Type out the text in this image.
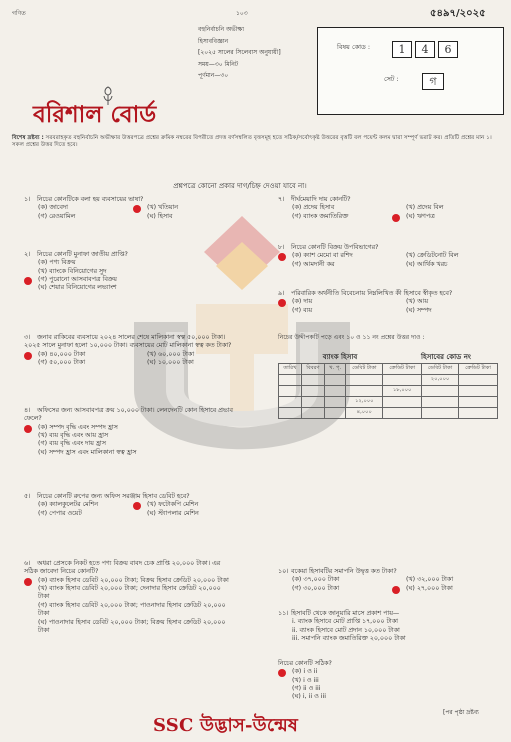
গণিত	১০৩	৫৪৯৭/২০২৫
বহুনির্বাচনি অভীক্ষা
হিসাববিজ্ঞান
[২০২৫ সালের সিলেবাস অনুযায়ী]
সময়—৩০ মিনিট
পূর্ণমান—৩০
বরিশাল বোর্ড
বিষয় কোড :	1 4 6
সেট :	গ
বিশেষ দ্রষ্টব্য : সরবরাহকৃত বহুনির্বাচনি অভীক্ষার উত্তরপত্রে প্রশ্নের ক্রমিক নম্বরের বিপরীতে প্রদত্ত বর্ণসম্বলিত বৃত্তসমূহ হতে সঠিক/সর্বোৎকৃষ্ট উত্তরের বৃত্তটি বল পয়েন্ট কলম দ্বারা সম্পূর্ণ ভরাট কর। প্রতিটি প্রশ্নের মান ১। সকল প্রশ্নের উত্তর দিতে হবে।
প্রশ্নপত্রে কোনো প্রকার দাগ/চিহ্ন দেওয়া যাবে না।
১। নিচের কোনটিকে বলা হয় ব্যবসায়ের ভাষা?
(ক) জাবেদা	(খ) খতিয়ান
(গ) রেওয়ামিল	(ঘ) হিসাব
২। নিচের কোনটি মুনাফা জাতীয় প্রাপ্তি?
(ক) পণ্য বিক্রয়
(খ) ব্যাংকে বিনিয়োগের সুদ
(গ) পুরোনো আসবাবপত্র বিক্রয়
(ঘ) শেয়ার বিনিয়োগের লভ্যাংশ
৩। জনাব রাকিবের ব্যবসায়ে ২০২৪ সালের শেষে মালিকানা স্বত্ব ৫০,০০০ টাকা। ২০২৫ সালে মুনাফা হলো ১০,০০০ টাকা। ব্যবসায়ের মোট মালিকানা স্বত্ব কত টাকা?
(ক) ৪০,০০০ টাকা	(খ) ৬০,০০০ টাকা
(গ) ৫০,০০০ টাকা	(ঘ) ১০,০০০ টাকা
৪। অফিসের জন্য আসবাবপত্র ক্রয় ১০,০০০ টাকা। লেনদেনটি কোন হিসাবে প্রভাব ফেলে?
(ক) সম্পদ বৃদ্ধি এবং সম্পদ হ্রাস
(খ) ব্যয় বৃদ্ধি এবং আয় হ্রাস
(গ) ব্যয় বৃদ্ধি এবং দায় হ্রাস
(ঘ) সম্পদ হ্রাস এবং মালিকানা স্বত্ব হ্রাস
৫। নিচের কোনটি রুপের জন্য অফিস সরঞ্জাম হিসাব ডেবিট হবে?
(ক) ক্যালকুলেটর মেশিন	(খ) ফটোকপি মেশিন
(গ) পেপার ওয়েট	(ঘ) স্ট্যাপলার মেশিন
৬। অধরা প্রেসকে নিকট হতে পণ্য বিক্রয় বাবদ চেক প্রাপ্তি ২০,০০০ টাকা। এর সঠিক জাবেদা নিচের কোনটি?
(ক) ব্যাংক হিসাব ডেবিট ২০,০০০ টাকা; বিক্রয় হিসাব ক্রেডিট ২০,০০০ টাকা
(খ) ব্যাংক হিসাব ডেবিট ২০,০০০ টাকা; দেনাদার হিসাব ক্রেডিট ২০,০০০ টাকা
(গ) ব্যাংক হিসাব ডেবিট ২০,০০০ টাকা; পাওনাদার হিসাব ক্রেডিট ২০,০০০ টাকা
(ঘ) পাওনাদার হিসাব ডেবিট ২০,০০০ টাকা; বিক্রয় হিসাব ক্রেডিট ২০,০০০ টাকা
৭। দীর্ঘমেয়াদি দায় কোনটি?
(ক) প্রদেয় হিসাব	(খ) প্রদেয় বিল
(গ) ব্যাংক জমাতিরিক্ত	(ঘ) ঋণপত্র
৮। নিচের কোনটি বিক্রয় উপবিভাগের?
(ক) ক্যাশ মেমো বা রশিদ	(খ) ক্রেডিটনোট বিল
(গ) আমদানী কর	(ঘ) আর্থিক খরচ
৯। পরিবারিক অর্থনীতি বিবেচনায় নিম্নলিখিত কী হিসাবে স্বীকৃত হবে?
(ক) দায়	(খ) আয়
(গ) ব্যয়	(ঘ) সম্পদ
নিচের উদ্দীপকটি পড়ে এবং ১০ ও ১১ নং প্রশ্নের উত্তর দাও :
ব্যাংক হিসাব	হিসাবের কোড নং
তারিখ	বিবরণ	খ. পৃ.	ডেবিট টাকা	ক্রেডিট টাকা	ডেবিট টাকা	ক্রেডিট টাকা
					২০,০০০	
				১৮,০০০		
			১২,০০০			
			৪,০০০			
১০। বকেয়া হিসাবটির সমাপনি উদ্বৃত্ত কত টাকা?
(ক) ৩৭,০০০ টাকা	(খ) ৩২,০০০ টাকা
(গ) ৩০,০০০ টাকা	(ঘ) ২৭,০০০ টাকা
১১। হিসাবটি থেকে জানুয়ারি মাসে প্রকাশ পায়—
i. ব্যাংক হিসাবে মোট প্রাপ্তি ১৭,০০০ টাকা
ii. ব্যাংক হিসাবে মোট প্রদান ১০,০০০ টাকা
iii. সমাপনি ব্যাংক জমাতিরিক্ত ২০,০০০ টাকা
নিচের কোনটি সঠিক?
(ক) i ও ii
(খ) i ও iii
(গ) ii ও iii
(ঘ) i, ii ও iii
SSC উদ্ভাস-উন্মেষ
[পর পৃষ্ঠা দ্রষ্টব্য
